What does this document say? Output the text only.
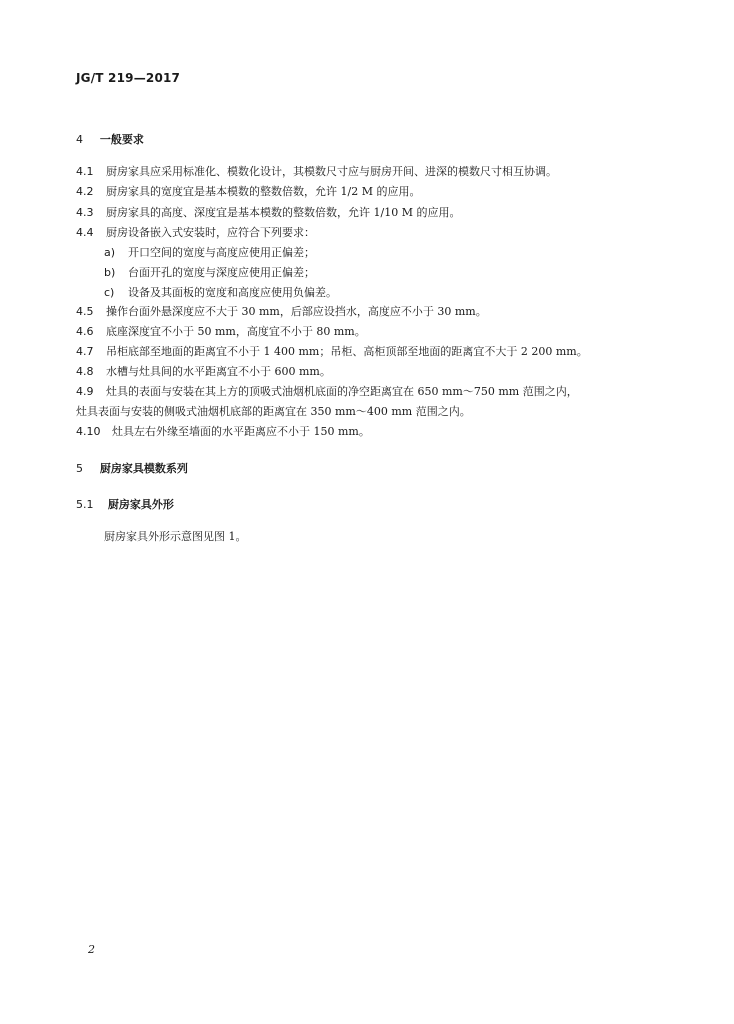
JG/T 219—2017
4 一般要求
4.1 厨房家具应采用标准化、模数化设计，其模数尺寸应与厨房开间、进深的模数尺寸相互协调。
4.2 厨房家具的宽度宜是基本模数的整数倍数，允许 1/2 M 的应用。
4.3 厨房家具的高度、深度宜是基本模数的整数倍数，允许 1/10 M 的应用。
4.4 厨房设备嵌入式安装时，应符合下列要求：
a) 开口空间的宽度与高度应使用正偏差；
b) 台面开孔的宽度与深度应使用正偏差；
c) 设备及其面板的宽度和高度应使用负偏差。
4.5 操作台面外悬深度应不大于 30 mm，后部应设挡水，高度应不小于 30 mm。
4.6 底座深度宜不小于 50 mm，高度宜不小于 80 mm。
4.7 吊柜底部至地面的距离宜不小于 1 400 mm；吊柜、高柜顶部至地面的距离宜不大于 2 200 mm。
4.8 水槽与灶具间的水平距离宜不小于 600 mm。
4.9 灶具的表面与安装在其上方的顶吸式油烟机底面的净空距离宜在 650 mm～750 mm 范围之内，
灶具表面与安装的侧吸式油烟机底部的距离宜在 350 mm～400 mm 范围之内。
4.10 灶具左右外缘至墙面的水平距离应不小于 150 mm。
5 厨房家具模数系列
5.1 厨房家具外形
厨房家具外形示意图见图 1。
2
